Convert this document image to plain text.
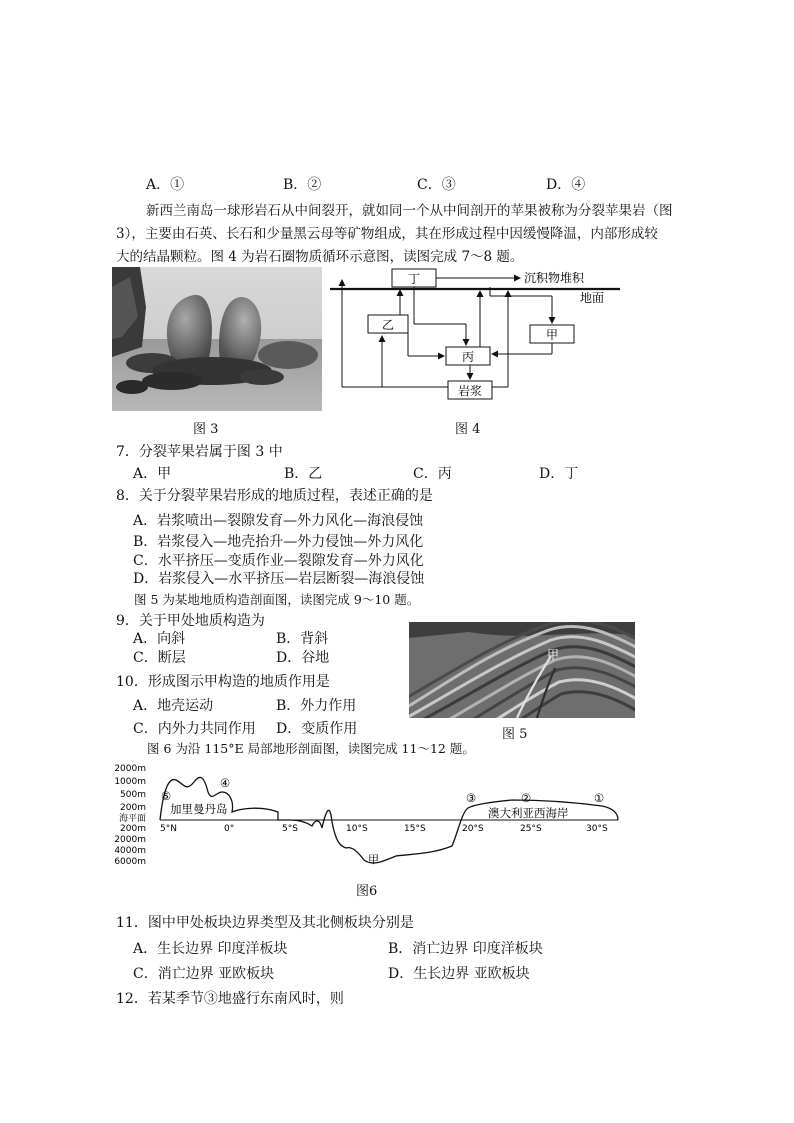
A．①	B．②	C．③	D．④
新西兰南岛一球形岩石从中间裂开，就如同一个从中间剖开的苹果被称为分裂苹果岩（图
3），主要由石英、长石和少量黑云母等矿物组成，其在形成过程中因缓慢降温，内部形成较
大的结晶颗粒。图 4 为岩石圈物质循环示意图，读图完成 7～8 题。
图 3
丁
乙
甲
丙
岩浆
沉积物堆积
地面
图 4
7．分裂苹果岩属于图 3 中
A．甲	B．乙	C．丙	D．丁
8．关于分裂苹果岩形成的地质过程，表述正确的是
A．岩浆喷出—裂隙发育—外力风化—海浪侵蚀
B．岩浆侵入—地壳抬升—外力侵蚀—外力风化
C．水平挤压—变质作业—裂隙发育—外力风化
D．岩浆侵入—水平挤压—岩层断裂—海浪侵蚀
图 5 为某地地质构造剖面图，读图完成 9～10 题。
9．关于甲处地质构造为
A．向斜	B．背斜
C．断层	D．谷地
10．形成图示甲构造的地质作用是
A．地壳运动	B．外力作用
C．内外力共同作用 D．变质作用
甲
图 5
图 6 为沿 115°E 局部地形剖面图，读图完成 11～12 题。
2000m
1000m
500m
200m
海平面
200m
2000m
4000m
6000m
5°N	0°	5°S	10°S	15°S	20°S	25°S	30°S
加里曼丹岛	澳大利亚西海岸
甲
⑤
④
③	②	①
图6
11．图中甲处板块边界类型及其北侧板块分别是
A．生长边界 印度洋板块	B．消亡边界 印度洋板块
C．消亡边界 亚欧板块	D．生长边界 亚欧板块
12．若某季节③地盛行东南风时，则
